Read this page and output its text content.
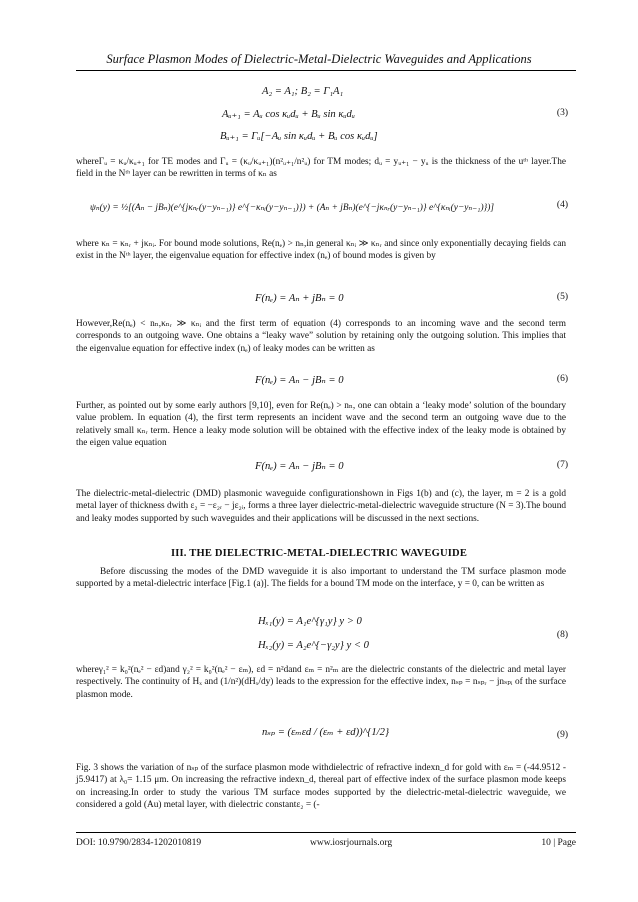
Surface Plasmon Modes of Dielectric-Metal-Dielectric Waveguides and Applications
A₂ = A₁; B₂ = Γ₁A₁
Aᵤ₊₁ = Aᵤ cos κᵤdᵤ + Bᵤ sin κᵤdᵤ	(3)
Bᵤ₊₁ = Γᵤ[−Aᵤ sin κᵤdᵤ + Bᵤ cos κᵤdᵤ]

whereΓᵤ = κᵤ/κᵤ₊₁ for TE modes and Γᵤ = (κᵤ/κᵤ₊₁)(n²ᵤ₊₁/n²ᵤ) for TM modes; dᵤ = yᵤ₊₁ − yᵤ is the thickness of the uᵗʰ layer.The field in the Nᵗʰ layer can be rewritten in terms of κₙ as

ψₙ(y) = ½[(Aₙ − jBₙ)(e^{jκₙᵣ(y−yₙ₋₁)} e^{−κₙᵢ(y−yₙ₋₁)}) + (Aₙ + jBₙ)(e^{−jκₙᵣ(y−yₙ₋₁)} e^{κₙᵢ(y−yₙ₋₁)})]	(4)

where κₙ = κₙᵣ + jκₙᵢ. For bound mode solutions, Re(nₑ) > nₙ,in general κₙᵢ ≫ κₙᵣ and since only exponentially decaying fields can exist in the Nᵗʰ layer, the eigenvalue equation for effective index (nₑ) of bound modes is given by

F(nₑ) = Aₙ + jBₙ = 0	(5)

However,Re(nₑ) < nₙ,κₙᵣ ≫ κₙᵢ and the first term of equation (4) corresponds to an incoming wave and the second term corresponds to an outgoing wave. One obtains a “leaky wave” solution by retaining only the outgoing solution. This implies that the eigenvalue equation for effective index (nₑ) of leaky modes can be written as

F(nₑ) = Aₙ − jBₙ = 0	(6)

Further, as pointed out by some early authors [9,10], even for Re(nₑ) > nₙ, one can obtain a ‘leaky mode’ solution of the boundary value problem. In equation (4), the first term represents an incident wave and the second term an outgoing wave due to the relatively small κₙᵣ term. Hence a leaky mode solution will be obtained with the effective index of the leaky mode is obtained by the eigen value equation

F(nₑ) = Aₙ − jBₙ = 0	(7)

The dielectric-metal-dielectric (DMD) plasmonic waveguide configurationshown in Figs 1(b) and (c), the layer, m = 2 is a gold metal layer of thickness dwith ε₂ = −ε₂ᵣ − jε₂ᵢ, forms a three layer dielectric-metal-dielectric waveguide structure (N = 3).The bound and leaky modes supported by such waveguides and their applications will be discussed in the next sections.

III. THE DIELECTRIC-METAL-DIELECTRIC WAVEGUIDE

Before discussing the modes of the DMD waveguide it is also important to understand the TM surface plasmon mode supported by a metal-dielectric interface [Fig.1 (a)]. The fields for a bound TM mode on the interface, y = 0, can be written as

Hₓ₁(y) = A₁e^{γ₁y} y > 0
(8)
Hₓ₂(y) = A₂e^{−γ₂y} y < 0

whereγ₁² = k₀²(nₑ² − εd)and γ₂² = k₀²(nₑ² − εₘ), εd = n²dand εₘ = n²ₘ are the dielectric constants of the dielectric and metal layer respectively. The continuity of Hₓ and (1/n²)(dHₓ/dy) leads to the expression for the effective index, nₛₚ = nₛₚᵣ − jnₛₚᵢ of the surface plasmon mode.

nₛₚ = (εₘεd / (εₘ + εd))^{1/2}	(9)

Fig. 3 shows the variation of nₛₚ of the surface plasmon mode withdielectric of refractive indexn_d for gold with εₘ = (-44.9512 -j5.9417) at λ₀= 1.15 μm. On increasing the refractive indexn_d, thereal part of effective index of the surface plasmon mode keeps on increasing.In order to study the various TM surface modes supported by the dielectric-metal-dielectric waveguide, we considered a gold (Au) metal layer, with dielectric constantε₂ = (-

DOI: 10.9790/2834-1202010819	www.iosrjournals.org	10 | Page
